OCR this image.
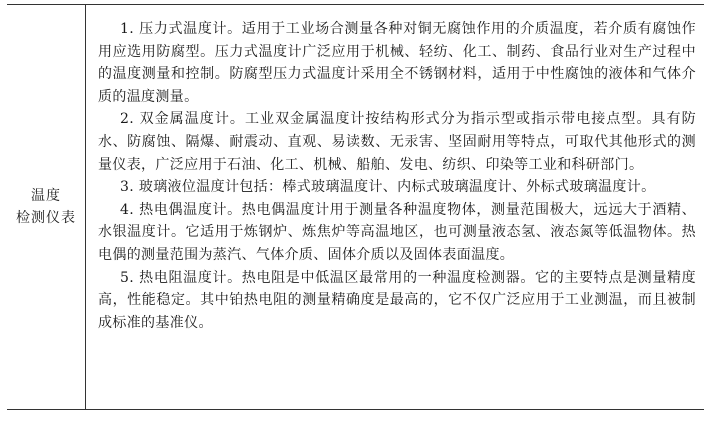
温度
检测仪表

1. 压力式温度计。适用于工业场合测量各种对铜无腐蚀作用的介质温度，若介质有腐蚀作用应选用防腐型。压力式温度计广泛应用于机械、轻纺、化工、制药、食品行业对生产过程中的温度测量和控制。防腐型压力式温度计采用全不锈钢材料，适用于中性腐蚀的液体和气体介质的温度测量。

2. 双金属温度计。工业双金属温度计按结构形式分为指示型或指示带电接点型。具有防水、防腐蚀、隔爆、耐震动、直观、易读数、无汞害、坚固耐用等特点，可取代其他形式的测量仪表，广泛应用于石油、化工、机械、船舶、发电、纺织、印染等工业和科研部门。

3. 玻璃液位温度计包括：棒式玻璃温度计、内标式玻璃温度计、外标式玻璃温度计。

4. 热电偶温度计。热电偶温度计用于测量各种温度物体，测量范围极大，远远大于酒精、水银温度计。它适用于炼钢炉、炼焦炉等高温地区，也可测量液态氢、液态氮等低温物体。热电偶的测量范围为蒸汽、气体介质、固体介质以及固体表面温度。

5. 热电阻温度计。热电阻是中低温区最常用的一种温度检测器。它的主要特点是测量精度高，性能稳定。其中铂热电阻的测量精确度是最高的，它不仅广泛应用于工业测温，而且被制成标准的基准仪。
